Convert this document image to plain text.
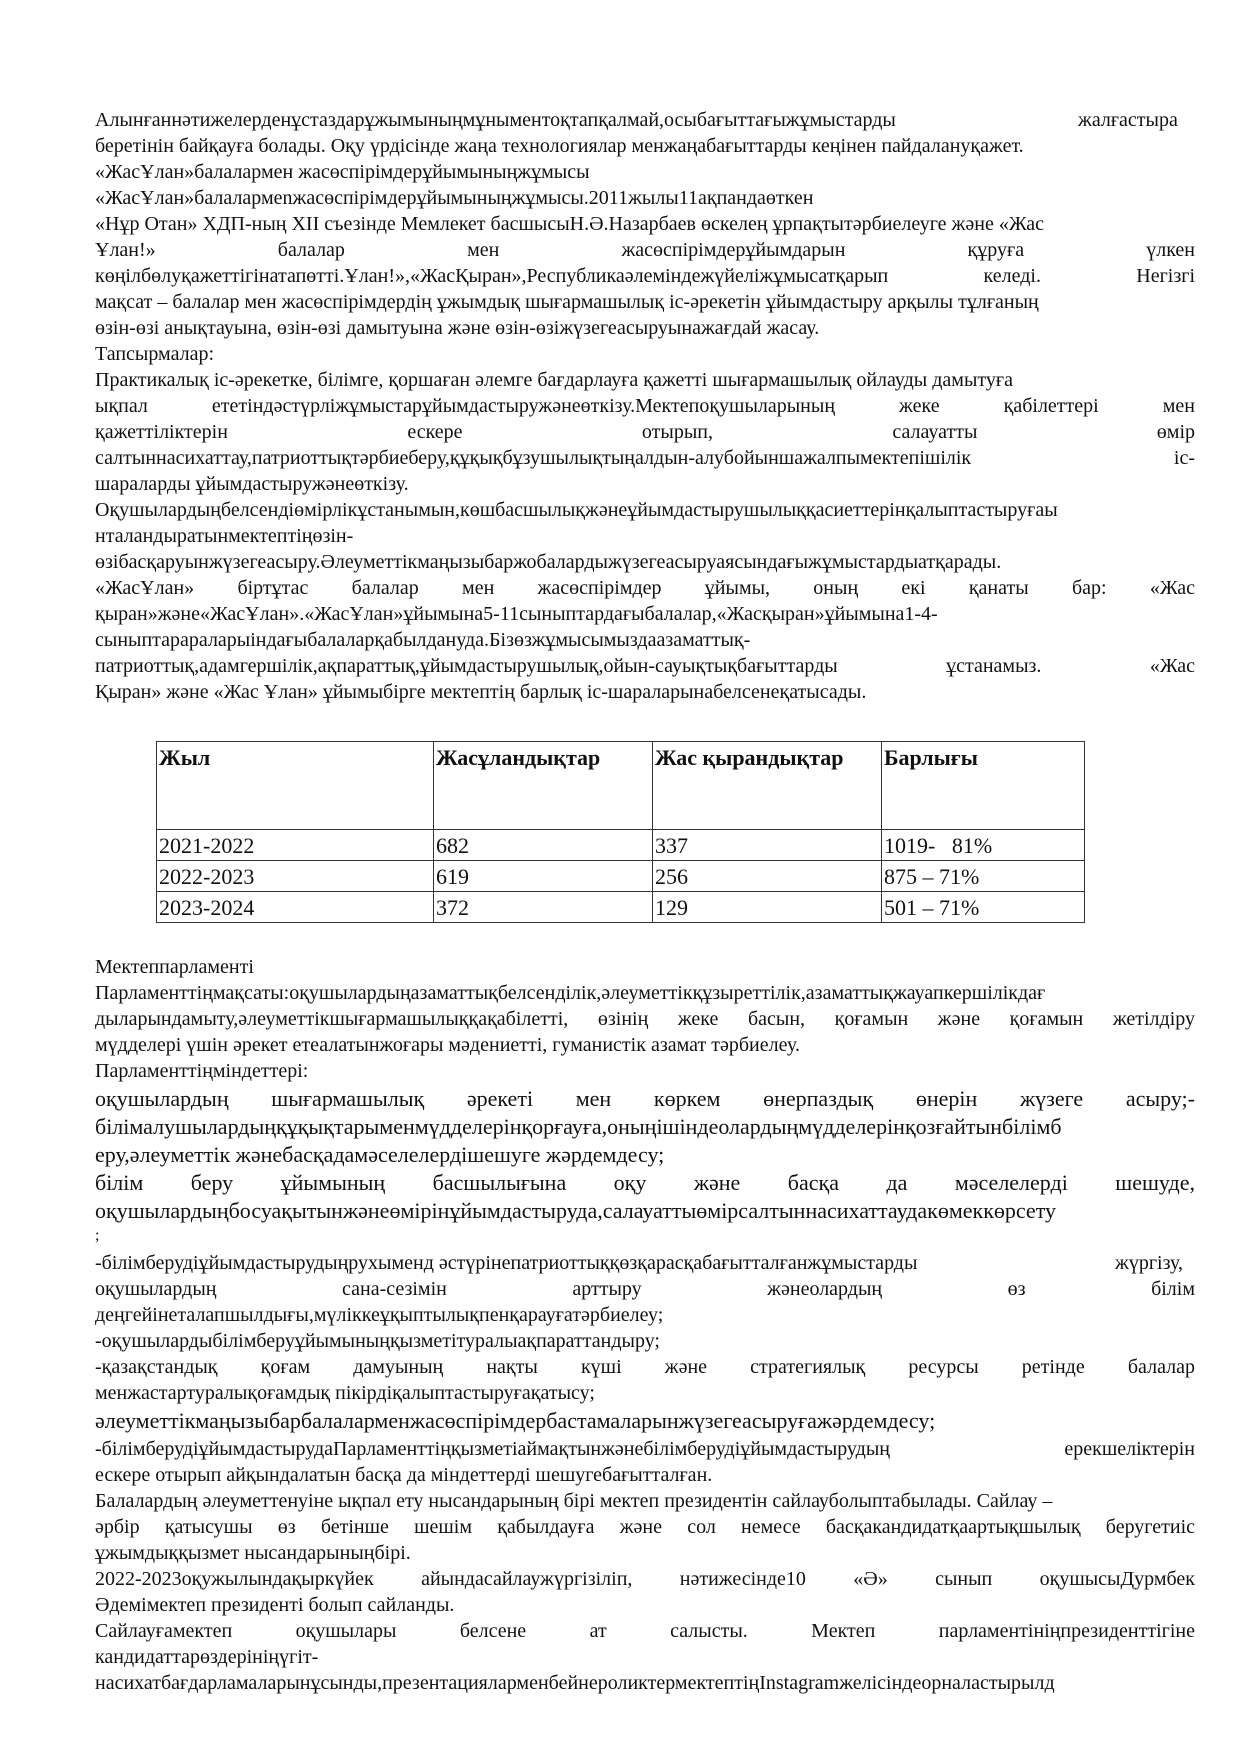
Алынғаннәтижелерденұстаздарұжымыныңмұныментоқтапқалмай,осыбағыттағыжұмыстарды	жалғастыра
беретінін байқауға болады. Оқу үрдісінде жаңа технологиялар менжаңабағыттарды кеңінен пайдалануқажет.
«ЖасҰлан»балалармен жасөспірімдерұйымыныңжұмысы
«ЖасҰлан»балалармenжасөспірімдерұйымыныңжұмысы.2011жылы11ақпандаөткен
«Нұр Отан» ХДП-ның ХІІ съезінде Мемлекет басшысыН.Ә.Назарбаев өскелең ұрпақтытәрбиелеуге және «Жас
Ұлан!» балалар мен жасөспірімдерұйымдарын құруға үлкен
көңілбөлуқажеттігінатапөтті.Ұлан!»,«ЖасҚыран»,Республикаәлеміндежүйеліжұмысатқарып келеді. Негізгі
мақсат – балалар мен жасөспірімдердің ұжымдық шығармашылық іс-әрекетін ұйымдастыру арқылы тұлғаның
өзін-өзі анықтауына, өзін-өзі дамытуына және өзін-өзіжүзегеасыруынажағдай жасау.
Тапсырмалар:
Практикалық іс-әрекетке, білімге, қоршаған әлемге бағдарлауға қажетті шығармашылық ойлауды дамытуға
ықпал ететіндәстүрліжұмыстарұйымдастыружәнеөткізу.Мектепоқушыларының жеке қабілеттері мен
қажеттіліктерін ескере отырып, салауатты өмір
салтыннасихаттау,патриоттықтәрбиеберу,құқықбұзушылықтыңалдын-алубойыншажалпымектепішілік іс-
шараларды ұйымдастыружәнеөткізу.
Оқушылардыңбелсендіөмірлікұстанымын,көшбасшылықжәнеұйымдастырушылыққасиеттерінқалыптастыруғаы
нталандыратынмектептіңөзін-
өзібасқаруынжүзегеасыру.Әлеуметтікмаңызыбаржобалардыжүзегеасыруаясындағыжұмыстардыатқарады.
«ЖасҰлан» біртұтас балалар мен жасөспірімдер ұйымы, оның екі қанаты бар: «Жас
қыран»және«ЖасҰлан».«ЖасҰлан»ұйымына5-11сыныптардағыбалалар,«Жасқыран»ұйымына1-4-
сыныптарараларыіндағыбалаларқабылдануда.Бізөзжұмысымыздаазаматтық-
патриоттық,адамгершілік,ақпараттық,ұйымдастырушылық,ойын-сауықтықбағыттарды ұстанамыз. «Жас
Қыран» және «Жас Ұлан» ұйымыбірге мектептің барлық іс-шараларынабелсенеқатысады.
Жыл	Жасұландықтар	Жас қырандықтар	Барлығы
2021-2022	682	337	1019-   81%
2022-2023	619	256	875 – 71%
2023-2024	372	129	501 – 71%
Мектеппарламенті
Парламенттіңмақсаты:оқушылардыңазаматтықбелсенділік,әлеуметтікқұзыреттілік,азаматтықжауапкершілікдағ
дыларындамыту,әлеуметтікшығармашылыққақабілетті, өзінің жеке басын, қоғамын және қоғамын жетілдіру
мүдделері үшін әрекет етеалатынжоғары мәдениетті, гуманистік азамат тәрбиелеу.
Парламенттіңміндеттері:
оқушылардың шығармашылық әрекеті мен көркем өнерпаздық өнерін жүзеге асыру;-
білімалушылардыңқұқықтарыменмүдделерінқорғауға,оныңішіндеолардыңмүдделерінқозғайтынбілімб
еру,әлеуметтік жәнебасқадамәселелердішешуге жәрдемдесу;
білім беру ұйымының басшылығына оқу және басқа да мәселелерді шешуде,
оқушылардыңбосуақытынжәнеөмірінұйымдастыруда,салауаттыөмірсалтыннасихаттаудакөмеккөрсету
;
-білімберудіұйымдастырудыңрухыменд әстүрінепатриоттыққөзқарасқабағытталғанжұмыстарды	жүргізу,
оқушылардың сана-сезімін арттыру жәнеолардың өз білім
деңгейінеталапшылдығы,мүліккеұқыптылықпенқарауғатәрбиелеу;
-оқушылардыбілімберуұйымыныңқызметітуралыақпараттандыру;
-қазақстандық қоғам дамуының нақты күші және стратегиялық ресурсы ретінде балалар
менжастартуралықоғамдық пікірдіқалыптастыруғақатысу;
әлеуметтікмаңызыбарбалалармeнжасөспірімдербастамаларынжүзегеасыруғажәрдемдесу;
-білімберудіұйымдастырудаПарламенттіңқызметіаймақтынжәнебілімберудіұйымдастырудың ерекшеліктерін
ескере отырып айқындалатын басқа да міндеттерді шешугебағытталған.
Балалардың әлеуметтенуіне ықпал ету нысандарының бірі мектеп президентін сайлауболыптабылады. Сайлау –
әрбір қатысушы өз бетінше шешім қабылдауға және сол немесе басқакандидатқаартықшылық беругетиіс
ұжымдыққызмет нысандарыныңбірі.
2022-2023оқужылындақыркүйек айындасайлаужүргізіліп, нәтижесінде10 «Ә» сынып оқушысыДурмбек
Әдемімектеп президенті болып сайланды.
Сайлауғамектеп оқушылары белсене ат салысты. Мектеп парламентініңпрезиденттігіне
кандидаттарөздерініңүгіт-
насихатбағдарламаларынұсынды,презентациялармeнбейнероликтермектептіңInstagramжелісіндеорналастырылд
